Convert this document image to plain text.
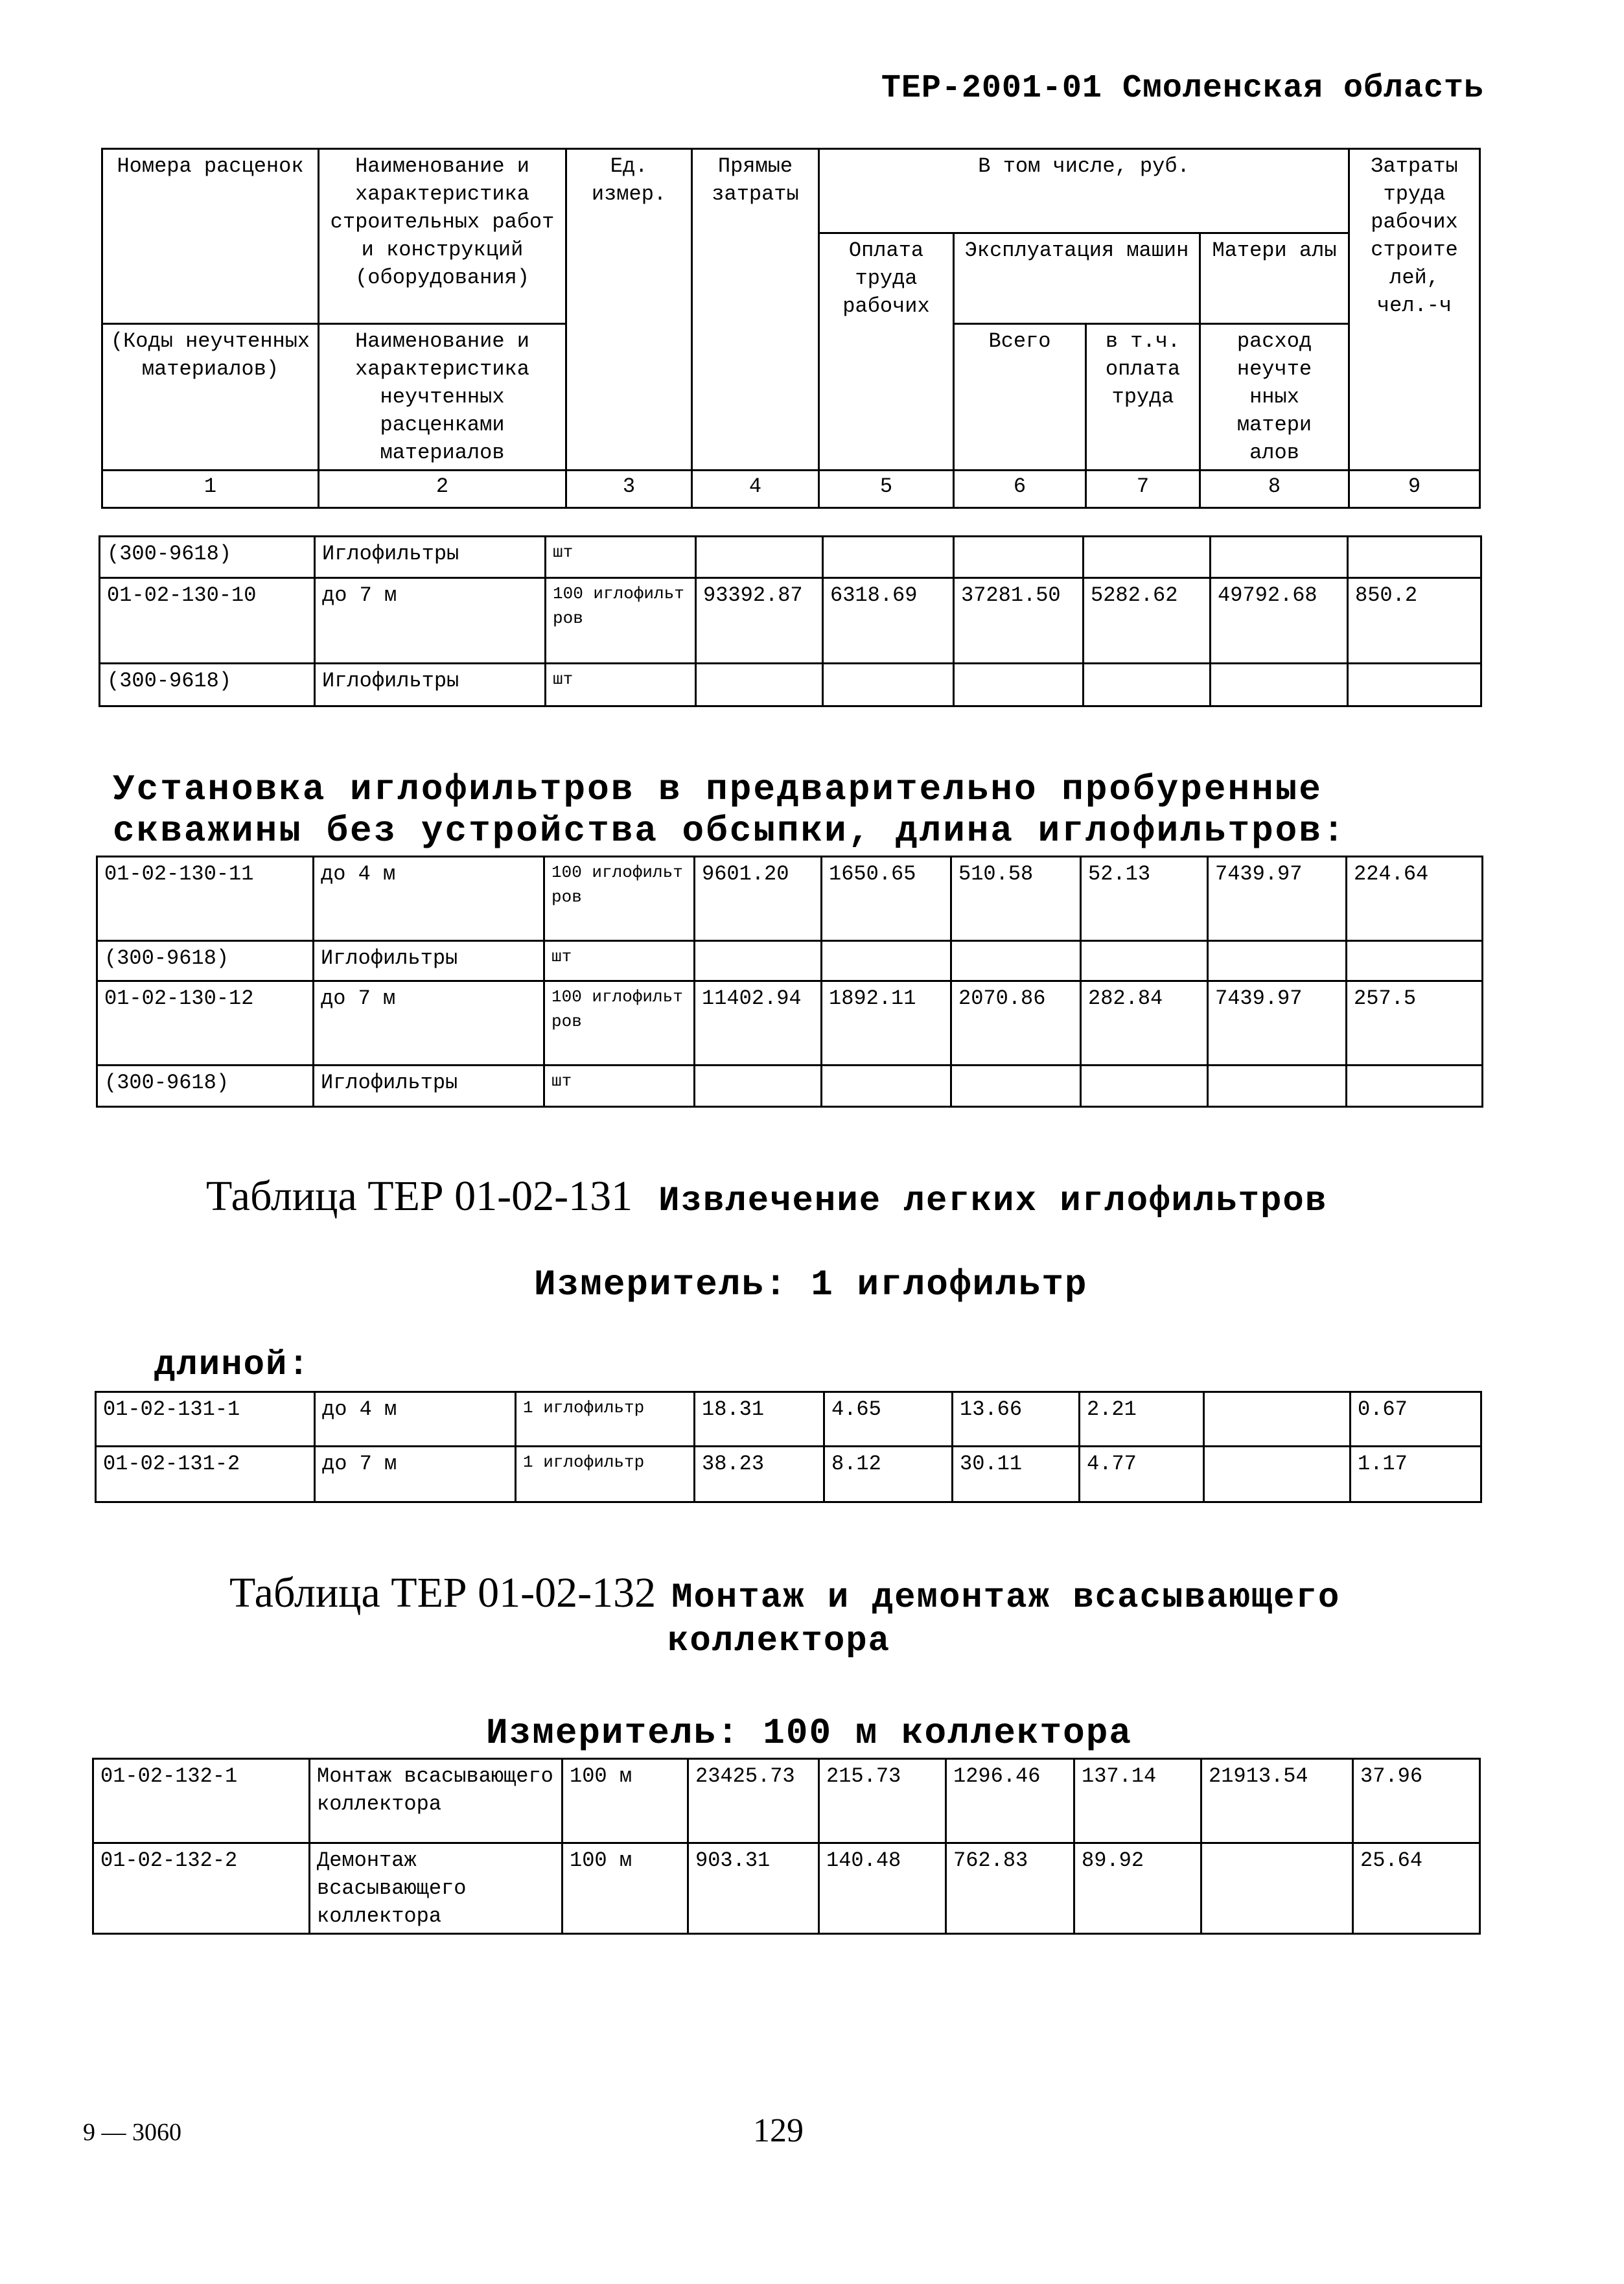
ТЕР-2001-01 Смоленская область
Номера расценок	Наименование и характеристика строительных работ и конструкций (оборудования)	Ед. измер.	Прямые затраты	В том числе, руб.				Затраты труда рабочих строите лей, чел.-ч
				Оплата труда рабочих	Эксплуатация машин		Матери алы	
(Коды неучтенных материалов)	Наименование и характеристика неучтенных расценками материалов				Всего	в т.ч. оплата труда	расход неучте нных матери алов	
1	2	3	4	5	6	7	8	9
(300-9618)	Иглофильтры	шт						
01-02-130-10	до 7 м	100 иглофильт ров	93392.87	6318.69	37281.50	5282.62	49792.68	850.2
(300-9618)	Иглофильтры	шт						
Установка иглофильтров в предварительно пробуренные
скважины без устройства обсыпки, длина иглофильтров:
01-02-130-11	до 4 м	100 иглофильт ров	9601.20	1650.65	510.58	52.13	7439.97	224.64
(300-9618)	Иглофильтры	шт						
01-02-130-12	до 7 м	100 иглофильт ров	11402.94	1892.11	2070.86	282.84	7439.97	257.5
(300-9618)	Иглофильтры	шт						
Таблица ТЕР 01-02-131 Извлечение легких иглофильтров
Измеритель: 1 иглофильтр
длиной:
01-02-131-1	до 4 м	1 иглофильтр	18.31	4.65	13.66	2.21		0.67
01-02-131-2	до 7 м	1 иглофильтр	38.23	8.12	30.11	4.77		1.17
Таблица ТЕР 01-02-132 Монтаж и демонтаж всасывающего
коллектора
Измеритель: 100 м коллектора
01-02-132-1	Монтаж всасывающего коллектора	100 м	23425.73	215.73	1296.46	137.14	21913.54	37.96
01-02-132-2	Демонтаж всасывающего коллектора	100 м	903.31	140.48	762.83	89.92		25.64
9 — 3060	129
